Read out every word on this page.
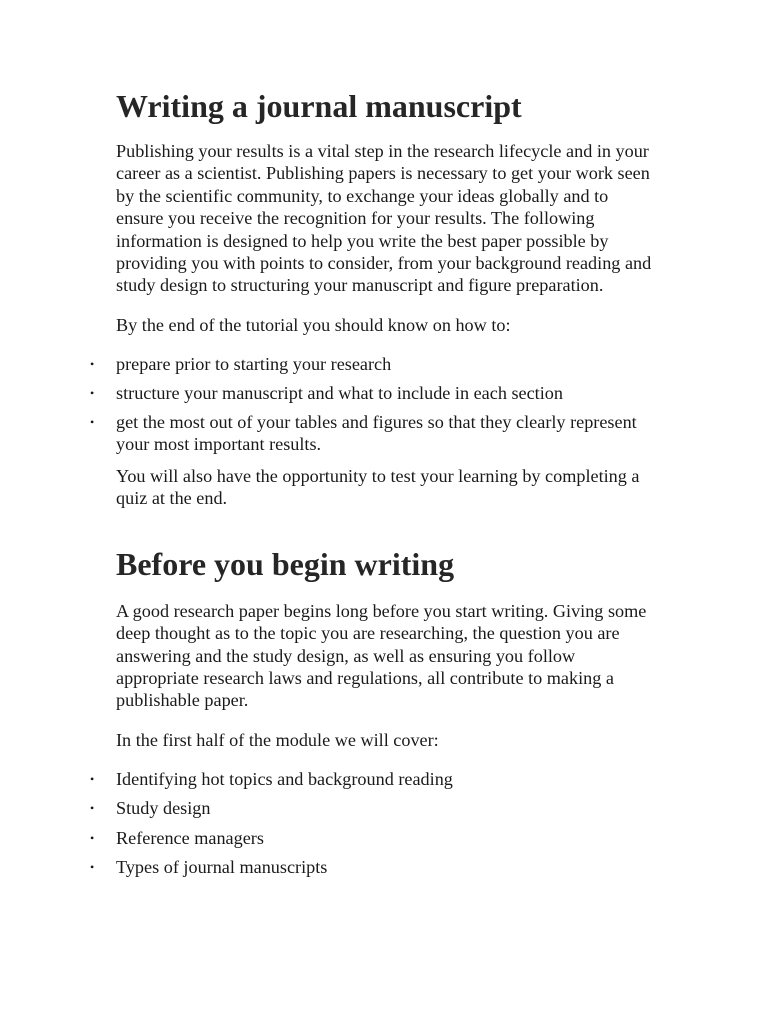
Writing a journal manuscript

Publishing your results is a vital step in the research lifecycle and in your career as a scientist. Publishing papers is necessary to get your work seen by the scientific community, to exchange your ideas globally and to ensure you receive the recognition for your results. The following information is designed to help you write the best paper possible by providing you with points to consider, from your background reading and study design to structuring your manuscript and figure preparation.

By the end of the tutorial you should know on how to:

• prepare prior to starting your research
• structure your manuscript and what to include in each section
• get the most out of your tables and figures so that they clearly represent your most important results.

You will also have the opportunity to test your learning by completing a quiz at the end.

Before you begin writing

A good research paper begins long before you start writing. Giving some deep thought as to the topic you are researching, the question you are answering and the study design, as well as ensuring you follow appropriate research laws and regulations, all contribute to making a publishable paper.

In the first half of the module we will cover:

• Identifying hot topics and background reading
• Study design
• Reference managers
• Types of journal manuscripts
